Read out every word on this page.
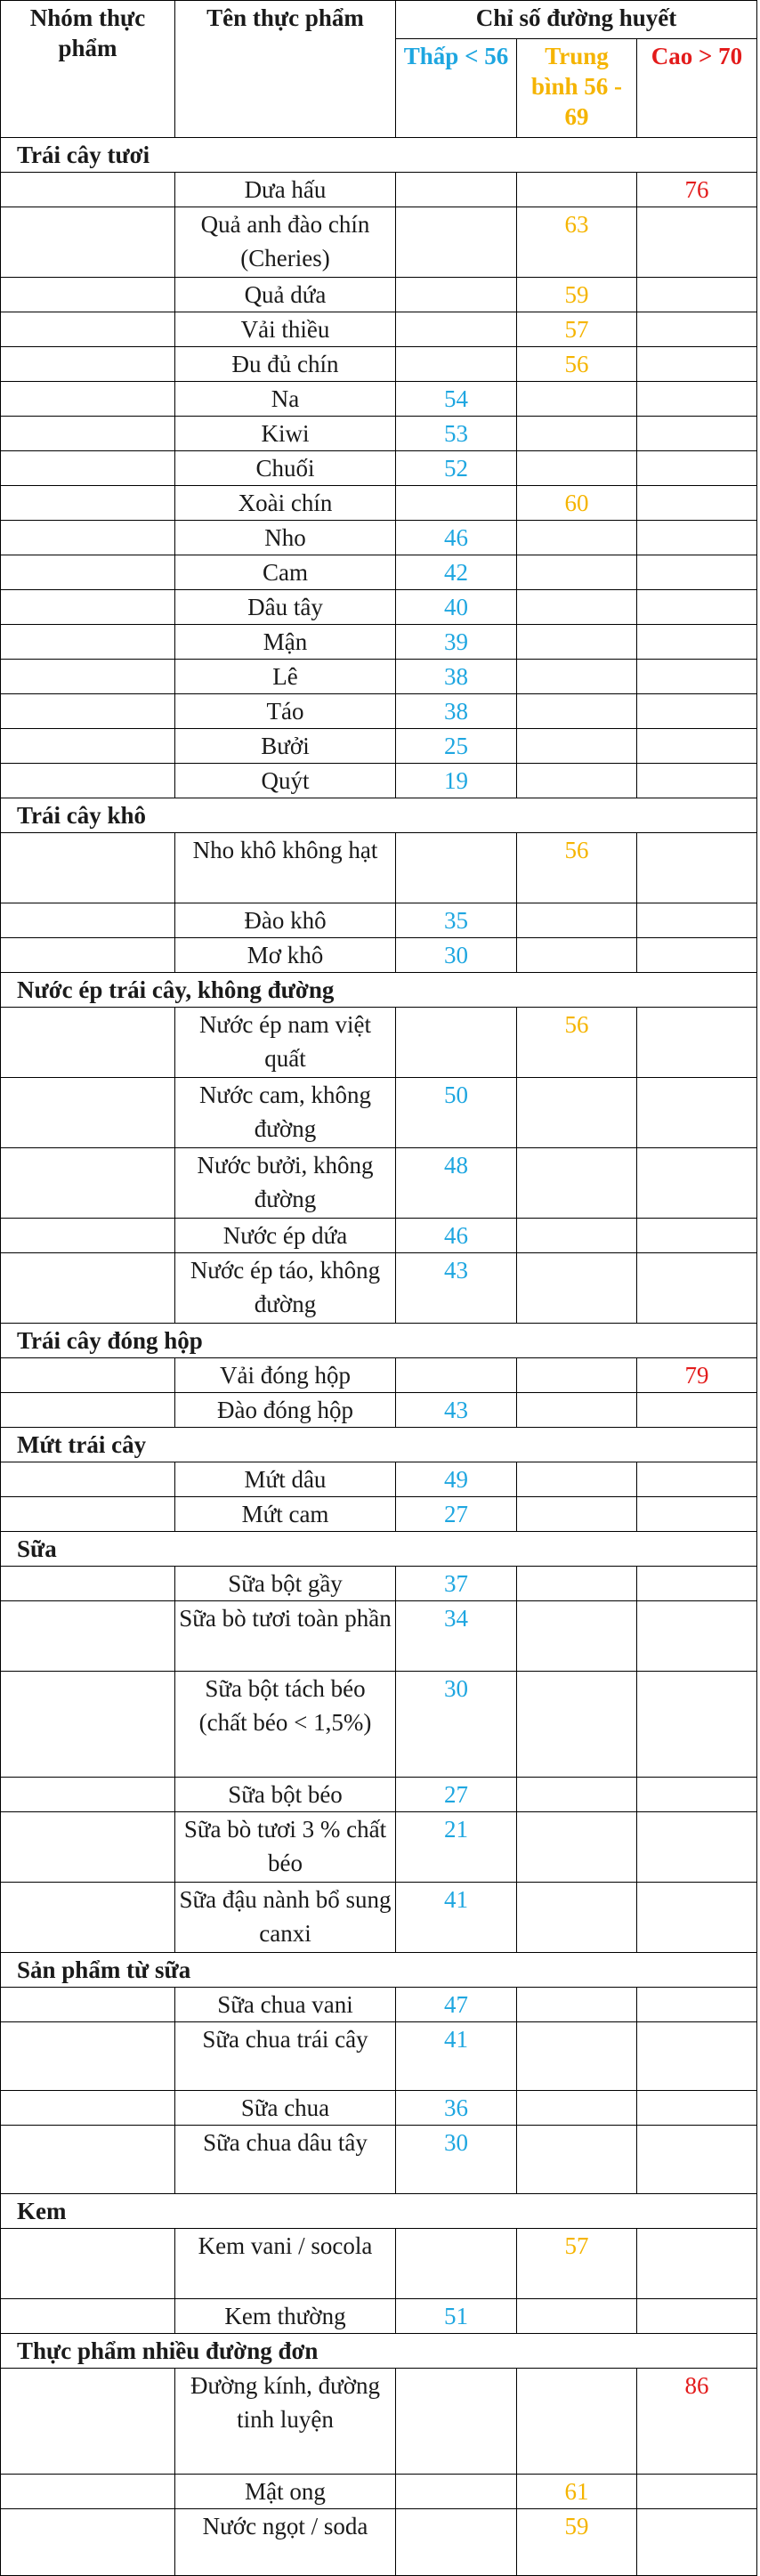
Nhóm thực phẩm	Tên thực phẩm	Chỉ số đường huyết		
		Thấp < 56	Trung bình 56 - 69	Cao > 70
Trái cây tươi				
	Dưa hấu			76
	Quả anh đào chín (Cheries)		63	
	Quả dứa		59	
	Vải thiều		57	
	Đu đủ chín		56	
	Na	54		
	Kiwi	53		
	Chuối	52		
	Xoài chín		60	
	Nho	46		
	Cam	42		
	Dâu tây	40		
	Mận	39		
	Lê	38		
	Táo	38		
	Bưởi	25		
	Quýt	19		
Trái cây khô				
	Nho khô không hạt		56	
	Đào khô	35		
	Mơ khô	30		
Nước ép trái cây, không đường				
	Nước ép nam việt quất		56	
	Nước cam, không đường	50		
	Nước bưởi, không đường	48		
	Nước ép dứa	46		
	Nước ép táo, không đường	43		
Trái cây đóng hộp				
	Vải đóng hộp			79
	Đào đóng hộp	43		
Mứt trái cây				
	Mứt dâu	49		
	Mứt cam	27		
Sữa				
	Sữa bột gầy	37		
	Sữa bò tươi toàn phần	34		
	Sữa bột tách béo (chất béo < 1,5%)	30		
	Sữa bột béo	27		
	Sữa bò tươi 3 % chất béo	21		
	Sữa đậu nành bổ sung canxi	41		
Sản phẩm từ sữa				
	Sữa chua vani	47		
	Sữa chua trái cây	41		
	Sữa chua	36		
	Sữa chua dâu tây	30		
Kem				
	Kem vani / socola		57	
	Kem thường	51		
Thực phẩm nhiều đường đơn				
	Đường kính, đường tinh luyện			86
	Mật ong		61	
	Nước ngọt / soda		59	
